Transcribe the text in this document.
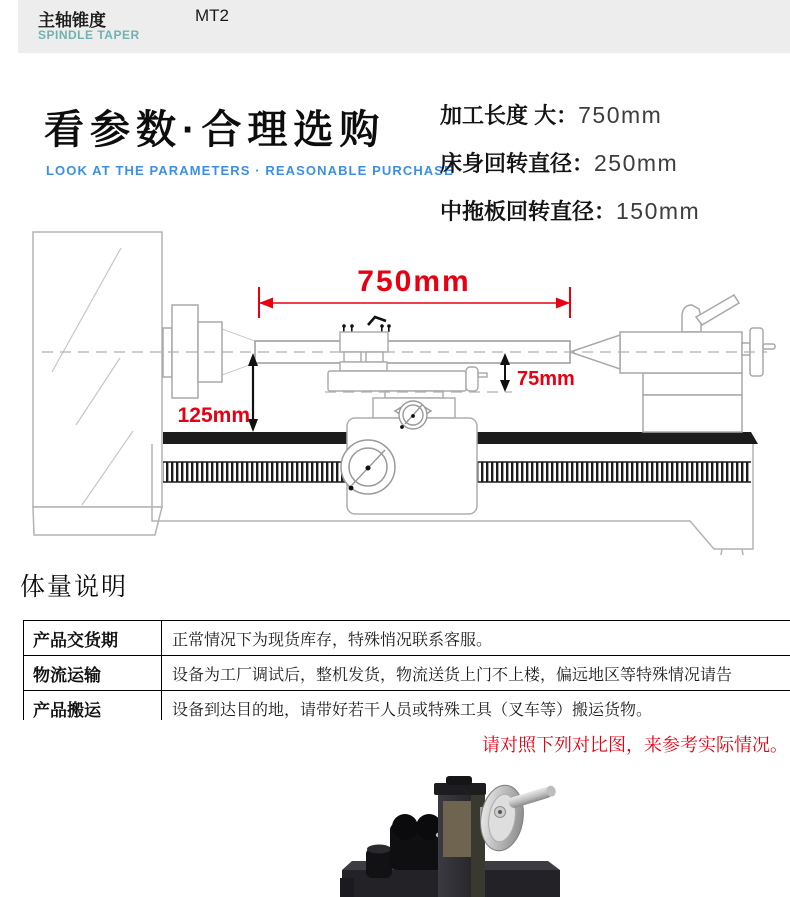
主轴锥度
SPINDLE TAPER
MT2
看参数·合理选购
LOOK AT THE PARAMETERS · REASONABLE PURCHASE
加工长度 大：750mm
床身回转直径：250mm
中拖板回转直径：150mm
750mm
125mm
75mm
体量说明
产品交货期	正常情况下为现货库存，特殊悄况联系客服。
物流运输	设备为工厂调试后，整机发货，物流送货上门不上楼，偏远地区等特殊情况请告
产品搬运	设备到达目的地，请带好若干人员或特殊工具（叉车等）搬运货物。
请对照下列对比图，来参考实际情况。
